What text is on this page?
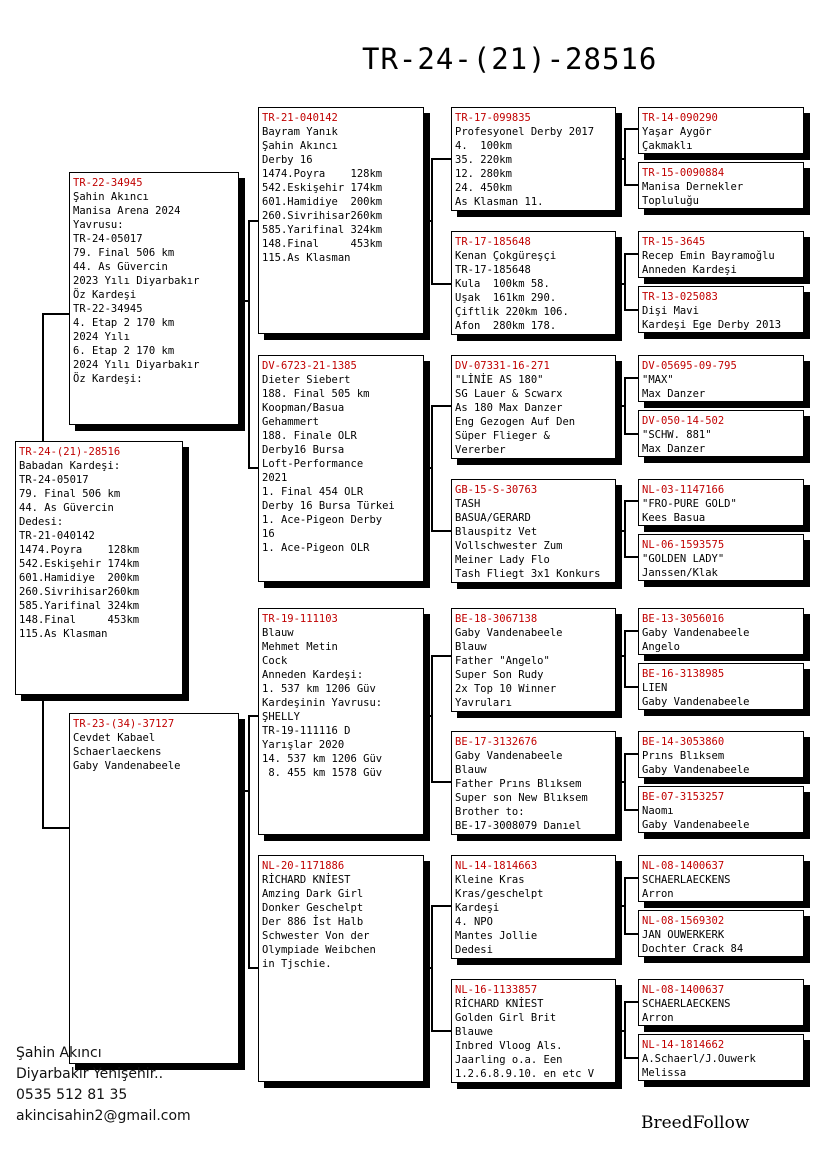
TR-24-(21)-28516
TR-24-(21)-28516
Babadan Kardeşi:
TR-24-05017
79. Final 506 km
44. As Güvercin
Dedesi:
TR-21-040142
1474.Poyra    128km
542.Eskişehir 174km
601.Hamidiye  200km
260.Sivrihisar260km
585.Yarifinal 324km
148.Final     453km
115.As Klasman
TR-22-34945
Şahin Akıncı
Manisa Arena 2024
Yavrusu:
TR-24-05017
79. Final 506 km
44. As Güvercin
2023 Yılı Diyarbakır
Öz Kardeşi
TR-22-34945
4. Etap 2 170 km
2024 Yılı
6. Etap 2 170 km
2024 Yılı Diyarbakır
Öz Kardeşi:
TR-23-(34)-37127
Cevdet Kabael
Schaerlaeckens
Gaby Vandenabeele
TR-21-040142
Bayram Yanık
Şahin Akıncı
Derby 16
1474.Poyra    128km
542.Eskişehir 174km
601.Hamidiye  200km
260.Sivrihisar260km
585.Yarifinal 324km
148.Final     453km
115.As Klasman
DV-6723-21-1385
Dieter Siebert
188. Final 505 km
Koopman/Basua
Gehammert
188. Finale OLR
Derby16 Bursa
Loft-Performance
2021
1. Final 454 OLR
Derby 16 Bursa Türkei
1. Ace-Pigeon Derby
16
1. Ace-Pigeon OLR
TR-19-111103
Blauw
Mehmet Metin
Cock
Anneden Kardeşi:
1. 537 km 1206 Güv
Kardeşinin Yavrusu:
ŞHELLY
TR-19-111116 D
Yarışlar 2020
14. 537 km 1206 Güv
8. 455 km 1578 Güv
NL-20-1171886
RİCHARD KNİEST
Amzing Dark Girl
Donker Geschelpt
Der 886 İst Halb
Schwester Von der
Olympiade Weibchen
in Tjschie.
TR-17-099835
Profesyonel Derby 2017
4.  100km
35. 220km
12. 280km
24. 450km
As Klasman 11.
TR-17-185648
Kenan Çokgüreşçi
TR-17-185648
Kula  100km 58.
Uşak  161km 290.
Çiftlik 220km 106.
Afon  280km 178.
DV-07331-16-271
"LİNİE AS 180"
SG Lauer & Scwarx
As 180 Max Danzer
Eng Gezogen Auf Den
Süper Flieger &
Vererber
GB-15-S-30763
TASH
BASUA/GERARD
Blauspitz Vet
Vollschwester Zum
Meiner Lady Flo
Tash Fliegt 3x1 Konkurs
BE-18-3067138
Gaby Vandenabeele
Blauw
Father "Angelo"
Super Son Rudy
2x Top 10 Winner
Yavruları
BE-17-3132676
Gaby Vandenabeele
Blauw
Father Prıns Blıksem
Super son New Blıksem
Brother to:
BE-17-3008079 Danıel
NL-14-1814663
Kleine Kras
Kras/geschelpt
Kardeşi
4. NPO
Mantes Jollie
Dedesi
NL-16-1133857
RİCHARD KNİEST
Golden Girl Brit
Blauwe
Inbred Vloog Als.
Jaarling o.a. Een
1.2.6.8.9.10. en etc V
TR-14-090290
Yaşar Aygör
Çakmaklı
TR-15-0090884
Manisa Dernekler
Topluluğu
TR-15-3645
Recep Emin Bayramoğlu
Anneden Kardeşi
TR-13-025083
Dişi Mavi
Kardeşi Ege Derby 2013
DV-05695-09-795
"MAX"
Max Danzer
DV-050-14-502
"SCHW. 881"
Max Danzer
NL-03-1147166
"FRO-PURE GOLD"
Kees Basua
NL-06-1593575
"GOLDEN LADY"
Janssen/Klak
BE-13-3056016
Gaby Vandenabeele
Angelo
BE-16-3138985
LIEN
Gaby Vandenabeele
BE-14-3053860
Prıns Blıksem
Gaby Vandenabeele
BE-07-3153257
Naomı
Gaby Vandenabeele
NL-08-1400637
SCHAERLAECKENS
Arron
NL-08-1569302
JAN OUWERKERK
Dochter Crack 84
NL-08-1400637
SCHAERLAECKENS
Arron
NL-14-1814662
A.Schaerl/J.Ouwerk
Melissa
Şahin Akıncı
Diyarbakır Yenişehir..
0535 512 81 35
akincisahin2@gmail.com	BreedFollow
